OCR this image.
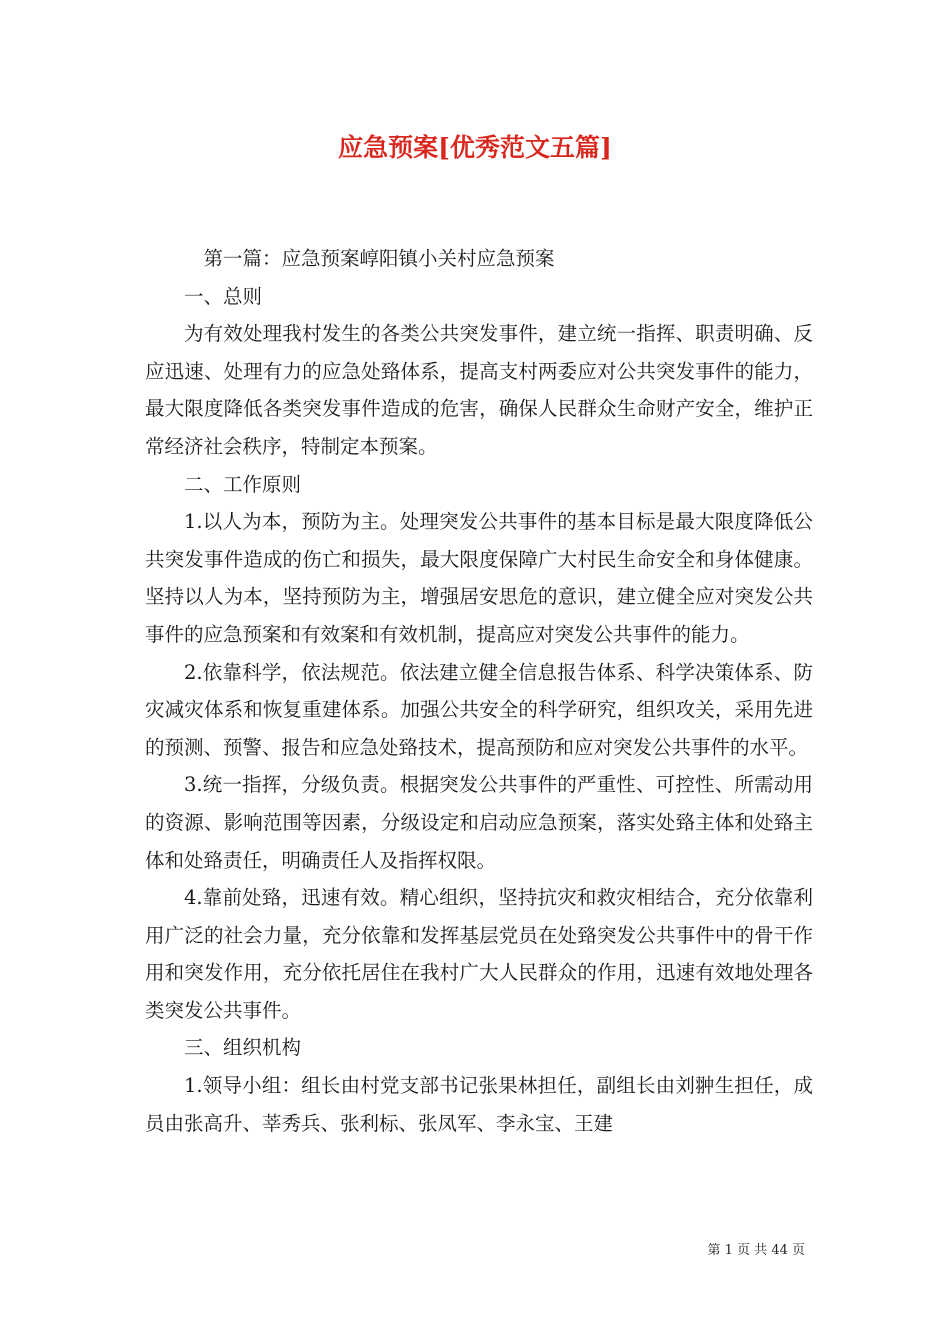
应急预案[优秀范文五篇]

第一篇：应急预案崞阳镇小关村应急预案

一、总则

为有效处理我村发生的各类公共突发事件，建立统一指挥、职责明确、反应迅速、处理有力的应急处臵体系，提高支村两委应对公共突发事件的能力，最大限度降低各类突发事件造成的危害，确保人民群众生命财产安全，维护正常经济社会秩序，特制定本预案。

二、工作原则

1.以人为本，预防为主。处理突发公共事件的基本目标是最大限度降低公共突发事件造成的伤亡和损失，最大限度保障广大村民生命安全和身体健康。坚持以人为本，坚持预防为主，增强居安思危的意识，建立健全应对突发公共事件的应急预案和有效案和有效机制，提高应对突发公共事件的能力。

2.依靠科学，依法规范。依法建立健全信息报告体系、科学决策体系、防灾减灾体系和恢复重建体系。加强公共安全的科学研究，组织攻关，采用先进的预测、预警、报告和应急处臵技术，提高预防和应对突发公共事件的水平。

3.统一指挥，分级负责。根据突发公共事件的严重性、可控性、所需动用的资源、影响范围等因素，分级设定和启动应急预案，落实处臵主体和处臵主体和处臵责任，明确责任人及指挥权限。

4.靠前处臵，迅速有效。精心组织，坚持抗灾和救灾相结合，充分依靠利用广泛的社会力量，充分依靠和发挥基层党员在处臵突发公共事件中的骨干作用和突发作用，充分依托居住在我村广大人民群众的作用，迅速有效地处理各类突发公共事件。

三、组织机构

1.领导小组：组长由村党支部书记张果林担任，副组长由刘翀生担任，成员由张高升、莘秀兵、张利标、张凤军、李永宝、王建

第 1 页 共 44 页
